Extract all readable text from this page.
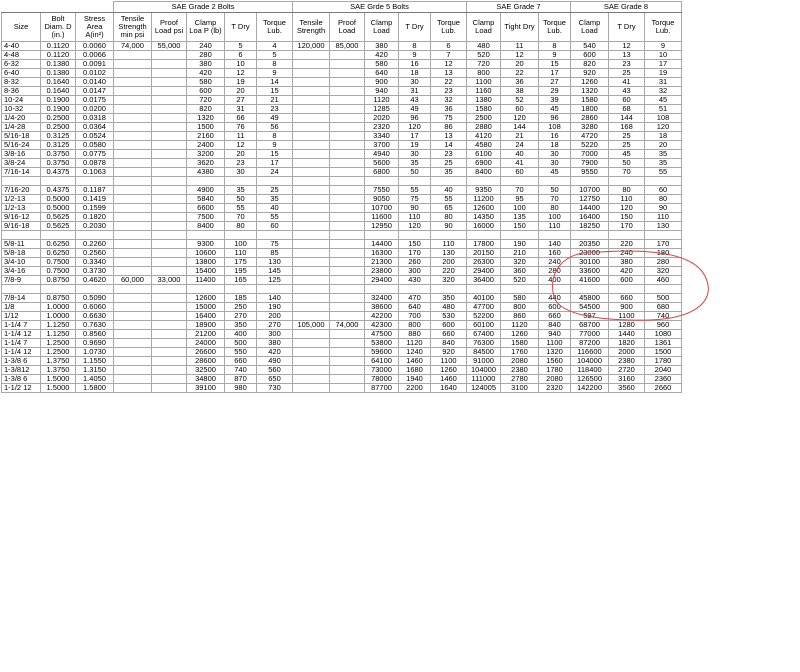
			SAE Grade 2 Bolts					SAE Grde 5 Bolts					SAE Grade 7			SAE Grade 8		
Size	Bolt Diam. D (in.)	Stress Area A(in²)	Tensile Strength min psi	Proof Load psi	Clamp Loa P (lb)	T Dry	Torque Lub.	Tensile Strength	Proof Load	Clamp Load	T Dry	Torque Lub.	Clamp Load	Tight Dry	Torque Lub.	Clamp Load	T Dry	Torque Lub.
4-40	0.1120	0.0060	74,000	55,000	240	5	4	120,000	85,000	380	8	6	480	11	8	540	12	9
4-48	0.1120	0.0066			280	6	5			420	9	7	520	12	9	600	13	10
6-32	0.1380	0.0091			380	10	8			580	16	12	720	20	15	820	23	17
6-40	0.1380	0.0102			420	12	9			640	18	13	800	22	17	920	25	19
8-32	0.1640	0.0140			580	19	14			900	30	22	1100	36	27	1260	41	31
8-36	0.1640	0.0147			600	20	15			940	31	23	1160	38	29	1320	43	32
10-24	0.1900	0.0175			720	27	21			1120	43	32	1380	52	39	1580	60	45
10-32	0.1900	0.0200			820	31	23			1285	49	36	1580	60	45	1800	68	51
1/4-20	0.2500	0.0318			1320	66	49			2020	96	75	2500	120	96	2860	144	108
1/4-28	0.2500	0.0364			1500	76	56			2320	120	86	2880	144	108	3280	168	120
5/16-18	0.3125	0.0524			2160	11	8			3340	17	13	4120	21	16	4720	25	18
5/16-24	0.3125	0.0580			2400	12	9			3700	19	14	4580	24	18	5220	25	20
3/8-16	0.3750	0.0775			3200	20	15			4940	30	23	6100	40	30	7000	45	35
3/8-24	0.3750	0.0878			3620	23	17			5600	35	25	6900	41	30	7900	50	35
7/16-14	0.4375	0.1063			4380	30	24			6800	50	35	8400	60	45	9550	70	55

7/16-20	0.4375	0.1187			4900	35	25			7550	55	40	9350	70	50	10700	80	60
1/2-13	0.5000	0.1419			5840	50	35			9050	75	55	11200	95	70	12750	110	80
1/2-13	0.5000	0.1599			6600	55	40			10700	90	65	12600	100	80	14400	120	90
9/16-12	0.5625	0.1820			7500	70	55			11600	110	80	14350	135	100	16400	150	110
9/16-18	0.5625	0.2030			8400	80	60			12950	120	90	16000	150	110	18250	170	130

5/8-11	0.6250	0.2260			9300	100	75			14400	150	110	17800	190	140	20350	220	170
5/8-18	0.6250	0.2560			10600	110	85			16300	170	130	20150	210	160	23000	240	180
3/4-10	0.7500	0.3340			13800	175	130			21300	260	200	26300	320	240	30100	380	280
3/4-16	0.7500	0.3730			15400	195	145			23800	300	220	29400	360	280	33600	420	320
7/8-9	0.8750	0.4620	60,000	33,000	11400	165	125			29400	430	320	36400	520	400	41600	600	460

7/8-14	0.8750	0.5090			12600	185	140			32400	470	350	40100	580	440	45800	660	500
1/8	1.0000	0.6060			15000	250	190			38600	640	480	47700	800	600	54500	900	680
1/12	1.0000	0.6630			16400	270	200			42200	700	530	52200	860	660	597	1100	740
1-1/4 7	1.1250	0.7630			18900	350	270	105,000	74,000	42300	800	600	60100	1120	840	68700	1280	960
1-1/4 12	1.1250	0.8560			21200	400	300			47500	880	660	67400	1260	940	77000	1440	1080
1-1/4 7	1.2500	0.9690			24000	500	380			53800	1120	840	76300	1580	1100	87200	1820	1361
1-1/4 12	1.2500	1.0730			26600	550	420			59600	1240	920	84500	1760	1320	116600	2000	1500
1-3/8 6	1.3750	1.1550			28600	660	490			64100	1460	1100	91000	2080	1560	104000	2380	1780
1-3/812	1.3750	1.3150			32500	740	560			73000	1680	1260	104000	2380	1780	118400	2720	2040
1-3/8 6	1.5000	1.4050			34800	870	650			78000	1940	1460	111000	2780	2080	126500	3160	2360
1-1/2 12	1.5000	1.5800			39100	980	730			87700	2200	1640	124005	3100	2320	142200	3560	2660
